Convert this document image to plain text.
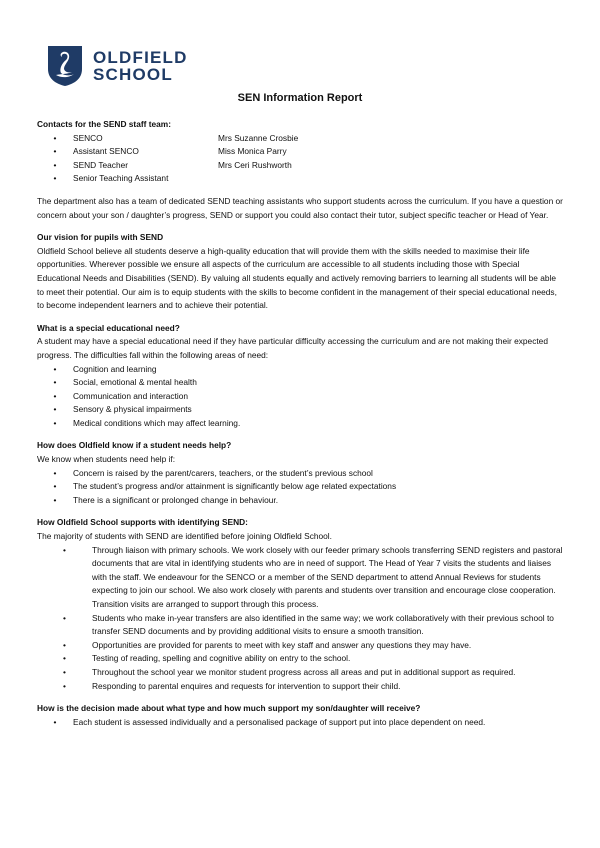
OLDFIELD
SCHOOL
SEN Information Report

Contacts for the SEND staff team:

•	SENCO	Mrs Suzanne Crosbie
•	Assistant SENCO	Miss Monica Parry
•	SEND Teacher	Mrs Ceri Rushworth
•	Senior Teaching Assistant

The department also has a team of dedicated SEND teaching assistants who support students across the curriculum. If you have a question or concern about your son / daughter’s progress, SEND or support you could also contact their tutor, subject specific teacher or Head of Year.

Our vision for pupils with SEND

Oldfield School believe all students deserve a high-quality education that will provide them with the skills needed to maximise their life opportunities. Wherever possible we ensure all aspects of the curriculum are accessible to all students including those with Special Educational Needs and Disabilities (SEND). By valuing all students equally and actively removing barriers to learning all students will be able to meet their potential. Our aim is to equip students with the skills to become confident in the management of their special educational needs, to become independent learners and to achieve their potential.

What is a special educational need?

A student may have a special educational need if they have particular difficulty accessing the curriculum and are not making their expected progress. The difficulties fall within the following areas of need:

•	Cognition and learning
•	Social, emotional & mental health
•	Communication and interaction
•	Sensory & physical impairments
•	Medical conditions which may affect learning.

How does Oldfield know if a student needs help?

We know when students need help if:

•	Concern is raised by the parent/carers, teachers, or the student’s previous school
•	The student’s progress and/or attainment is significantly below age related expectations
•	There is a significant or prolonged change in behaviour.

How Oldfield School supports with identifying SEND:

The majority of students with SEND are identified before joining Oldfield School.

•	Through liaison with primary schools. We work closely with our feeder primary schools transferring SEND registers and pastoral documents that are vital in identifying students who are in need of support. The Head of Year 7 visits the students and liaises with the staff. We endeavour for the SENCO or a member of the SEND department to attend Annual Reviews for students expecting to join our school. We also work closely with parents and students over transition and encourage close cooperation. Transition visits are arranged to support through this process.
•	Students who make in-year transfers are also identified in the same way; we work collaboratively with their previous school to transfer SEND documents and by providing additional visits to ensure a smooth transition.
•	Opportunities are provided for parents to meet with key staff and answer any questions they may have.
•	Testing of reading, spelling and cognitive ability on entry to the school.
•	Throughout the school year we monitor student progress across all areas and put in additional support as required.
•	Responding to parental enquires and requests for intervention to support their child.

How is the decision made about what type and how much support my son/daughter will receive?

•	Each student is assessed individually and a personalised package of support put into place dependent on need.
